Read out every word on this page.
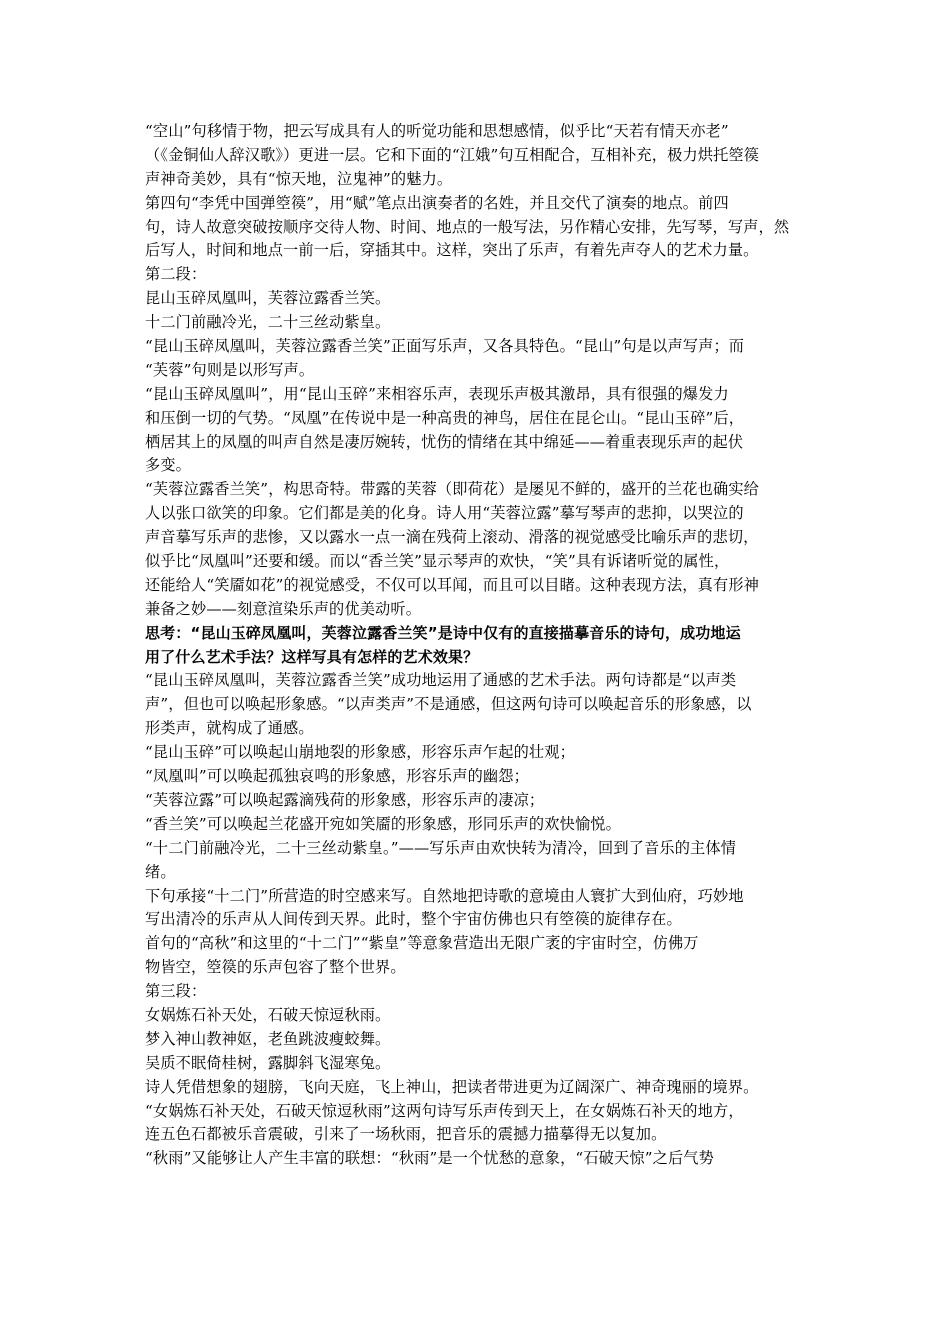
“空山”句移情于物，把云写成具有人的听觉功能和思想感情，似乎比“天若有情天亦老”
（《金铜仙人辞汉歌》）更进一层。它和下面的“江娥”句互相配合，互相补充，极力烘托箜篌
声神奇美妙，具有“惊天地，泣鬼神”的魅力。
第四句“李凭中国弹箜篌”，用“赋”笔点出演奏者的名姓，并且交代了演奏的地点。前四
句，诗人故意突破按顺序交待人物、时间、地点的一般写法，另作精心安排，先写琴，写声，然
后写人，时间和地点一前一后，穿插其中。这样，突出了乐声，有着先声夺人的艺术力量。
第二段：
昆山玉碎凤凰叫，芙蓉泣露香兰笑。
十二门前融冷光，二十三丝动紫皇。
“昆山玉碎凤凰叫，芙蓉泣露香兰笑”正面写乐声，又各具特色。“昆山”句是以声写声；而
“芙蓉”句则是以形写声。
“昆山玉碎凤凰叫”，用“昆山玉碎”来相容乐声，表现乐声极其激昂，具有很强的爆发力
和压倒一切的气势。“凤凰”在传说中是一种高贵的神鸟，居住在昆仑山。“昆山玉碎”后，
栖居其上的凤凰的叫声自然是凄厉婉转，忧伤的情绪在其中绵延——着重表现乐声的起伏
多变。
“芙蓉泣露香兰笑”，构思奇特。带露的芙蓉（即荷花）是屡见不鲜的，盛开的兰花也确实给
人以张口欲笑的印象。它们都是美的化身。诗人用“芙蓉泣露”摹写琴声的悲抑，以哭泣的
声音摹写乐声的悲惨，又以露水一点一滴在残荷上滚动、滑落的视觉感受比喻乐声的悲切，
似乎比“凤凰叫”还要和缓。而以“香兰笑”显示琴声的欢快，“笑”具有诉诸听觉的属性，
还能给人“笑靥如花”的视觉感受，不仅可以耳闻，而且可以目睹。这种表现方法，真有形神
兼备之妙——刻意渲染乐声的优美动听。
思考：“昆山玉碎凤凰叫，芙蓉泣露香兰笑”是诗中仅有的直接描摹音乐的诗句，成功地运
用了什么艺术手法？这样写具有怎样的艺术效果？
“昆山玉碎凤凰叫，芙蓉泣露香兰笑”成功地运用了通感的艺术手法。两句诗都是“以声类
声”，但也可以唤起形象感。“以声类声”不是通感，但这两句诗可以唤起音乐的形象感，以
形类声，就构成了通感。
“昆山玉碎”可以唤起山崩地裂的形象感，形容乐声乍起的壮观；
“凤凰叫”可以唤起孤独哀鸣的形象感，形容乐声的幽怨；
“芙蓉泣露”可以唤起露滴残荷的形象感，形容乐声的凄凉；
“香兰笑”可以唤起兰花盛开宛如笑靥的形象感，形同乐声的欢快愉悦。
“十二门前融冷光，二十三丝动紫皇。”——写乐声由欢快转为清冷，回到了音乐的主体情
绪。
下句承接“十二门”所营造的时空感来写。自然地把诗歌的意境由人寰扩大到仙府，巧妙地
写出清冷的乐声从人间传到天界。此时，整个宇宙仿佛也只有箜篌的旋律存在。
首句的“高秋”和这里的“十二门”“紫皇”等意象营造出无限广袤的宇宙时空，仿佛万
物皆空，箜篌的乐声包容了整个世界。
第三段：
女娲炼石补天处，石破天惊逗秋雨。
梦入神山教神妪，老鱼跳波瘦蛟舞。
吴质不眠倚桂树，露脚斜飞湿寒兔。
诗人凭借想象的翅膀，飞向天庭，飞上神山，把读者带进更为辽阔深广、神奇瑰丽的境界。
“女娲炼石补天处，石破天惊逗秋雨”这两句诗写乐声传到天上，在女娲炼石补天的地方，
连五色石都被乐音震破，引来了一场秋雨，把音乐的震撼力描摹得无以复加。
“秋雨”又能够让人产生丰富的联想：“秋雨”是一个忧愁的意象，“石破天惊”之后气势
